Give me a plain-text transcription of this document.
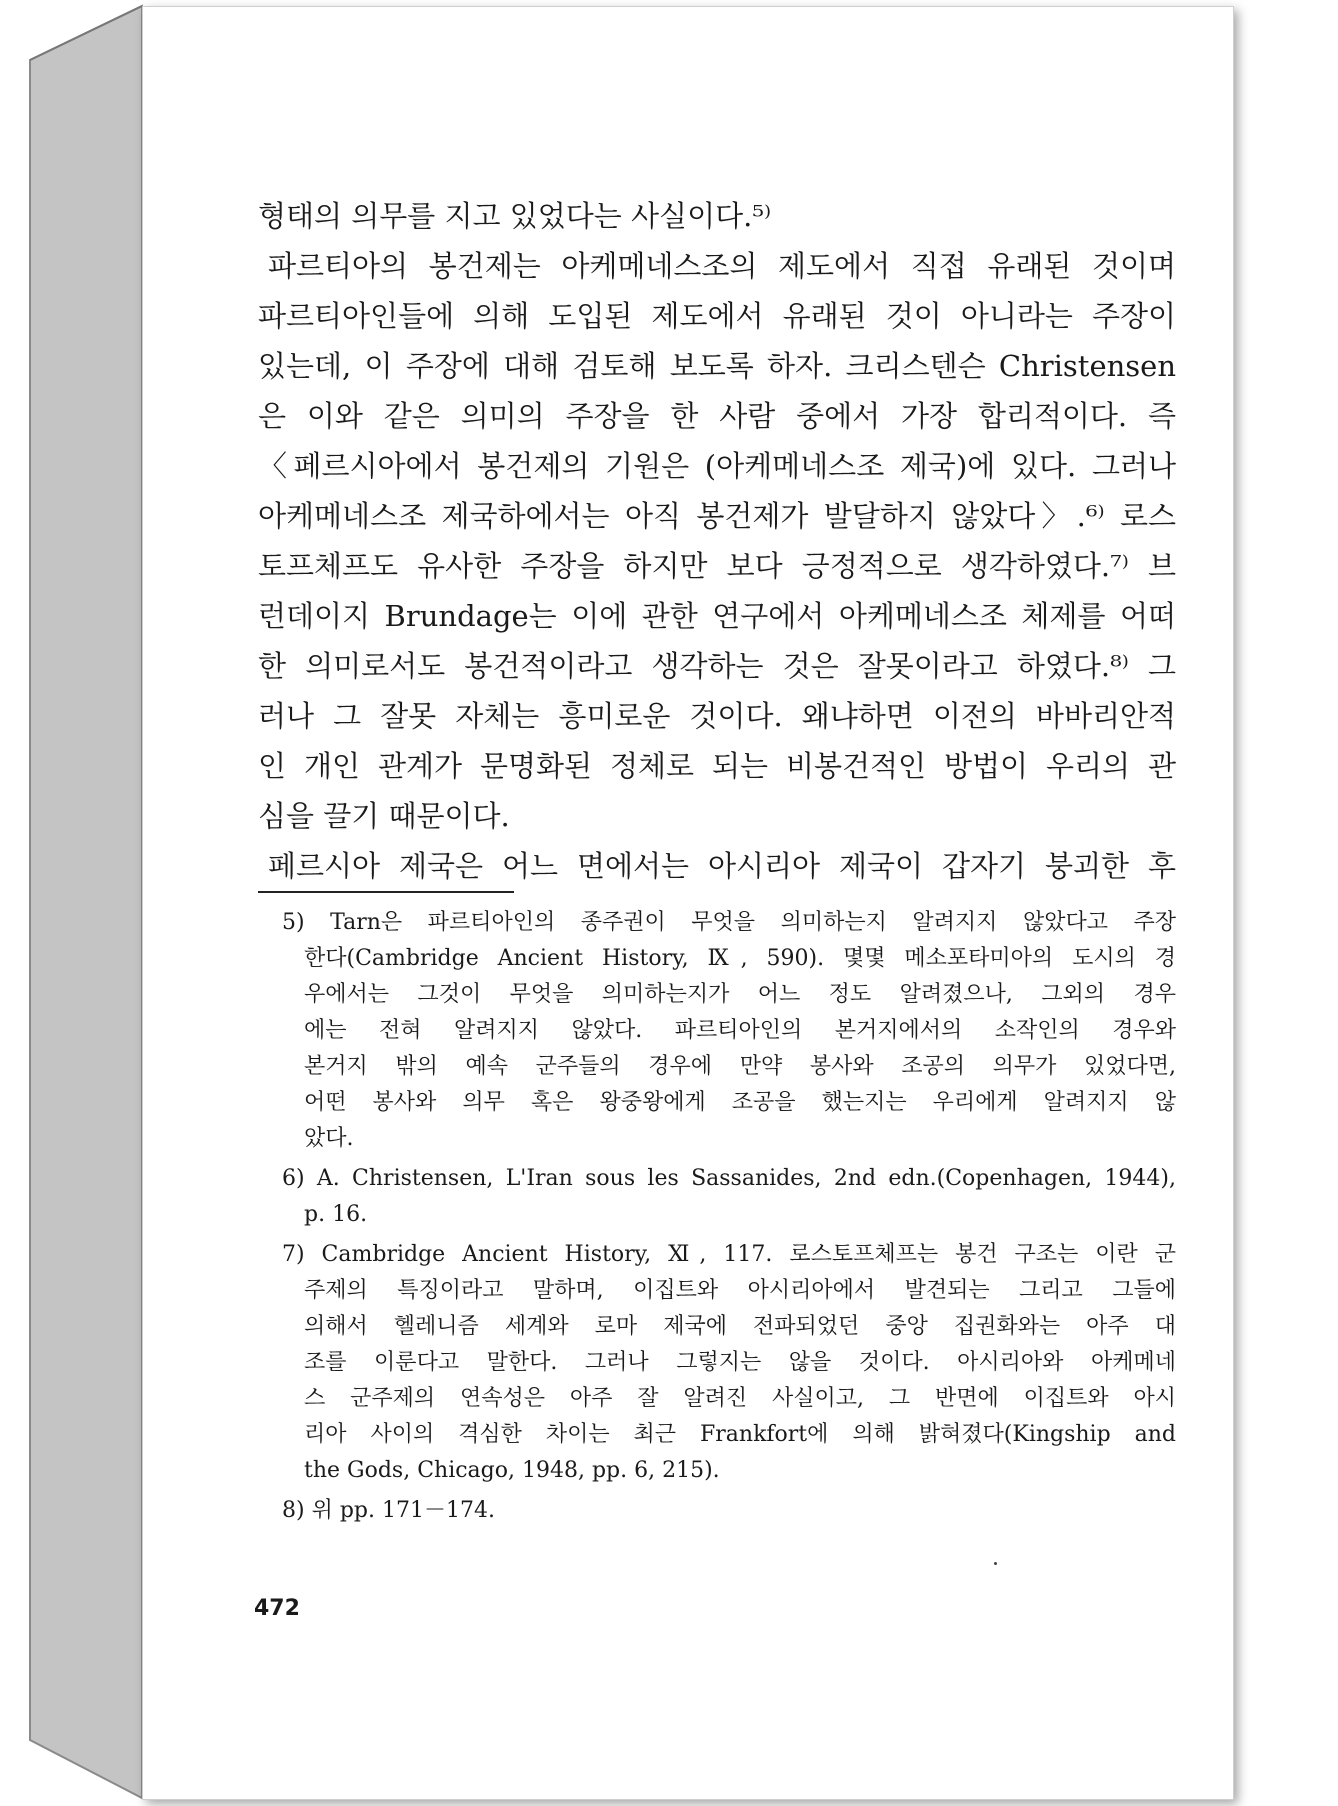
형태의 의무를 지고 있었다는 사실이다.⁵⁾
파르티아의 봉건제는 아케메네스조의 제도에서 직접 유래된 것이며
파르티아인들에 의해 도입된 제도에서 유래된 것이 아니라는 주장이
있는데, 이 주장에 대해 검토해 보도록 하자. 크리스텐슨 Christensen
은 이와 같은 의미의 주장을 한 사람 중에서 가장 합리적이다. 즉
〈페르시아에서 봉건제의 기원은 (아케메네스조 제국)에 있다. 그러나
아케메네스조 제국하에서는 아직 봉건제가 발달하지 않았다〉.⁶⁾ 로스
토프체프도 유사한 주장을 하지만 보다 긍정적으로 생각하였다.⁷⁾ 브
런데이지 Brundage는 이에 관한 연구에서 아케메네스조 체제를 어떠
한 의미로서도 봉건적이라고 생각하는 것은 잘못이라고 하였다.⁸⁾ 그
러나 그 잘못 자체는 흥미로운 것이다. 왜냐하면 이전의 바바리안적
인 개인 관계가 문명화된 정체로 되는 비봉건적인 방법이 우리의 관
심을 끌기 때문이다.
페르시아 제국은 어느 면에서는 아시리아 제국이 갑자기 붕괴한 후
5) Tarn은 파르티아인의 종주권이 무엇을 의미하는지 알려지지 않았다고 주장
한다(Cambridge Ancient History, Ⅸ, 590). 몇몇 메소포타미아의 도시의 경
우에서는 그것이 무엇을 의미하는지가 어느 정도 알려졌으나, 그외의 경우
에는 전혀 알려지지 않았다. 파르티아인의 본거지에서의 소작인의 경우와
본거지 밖의 예속 군주들의 경우에 만약 봉사와 조공의 의무가 있었다면,
어떤 봉사와 의무 혹은 왕중왕에게 조공을 했는지는 우리에게 알려지지 않
았다.
6) A. Christensen, L'Iran sous les Sassanides, 2nd edn.(Copenhagen, 1944),
p. 16.
7) Cambridge Ancient History, Ⅺ, 117. 로스토프체프는 봉건 구조는 이란 군
주제의 특징이라고 말하며, 이집트와 아시리아에서 발견되는 그리고 그들에
의해서 헬레니즘 세계와 로마 제국에 전파되었던 중앙 집권화와는 아주 대
조를 이룬다고 말한다. 그러나 그렇지는 않을 것이다. 아시리아와 아케메네
스 군주제의 연속성은 아주 잘 알려진 사실이고, 그 반면에 이집트와 아시
리아 사이의 격심한 차이는 최근 Frankfort에 의해 밝혀졌다(Kingship and
the Gods, Chicago, 1948, pp. 6, 215).
8) 위 pp. 171－174.
472
